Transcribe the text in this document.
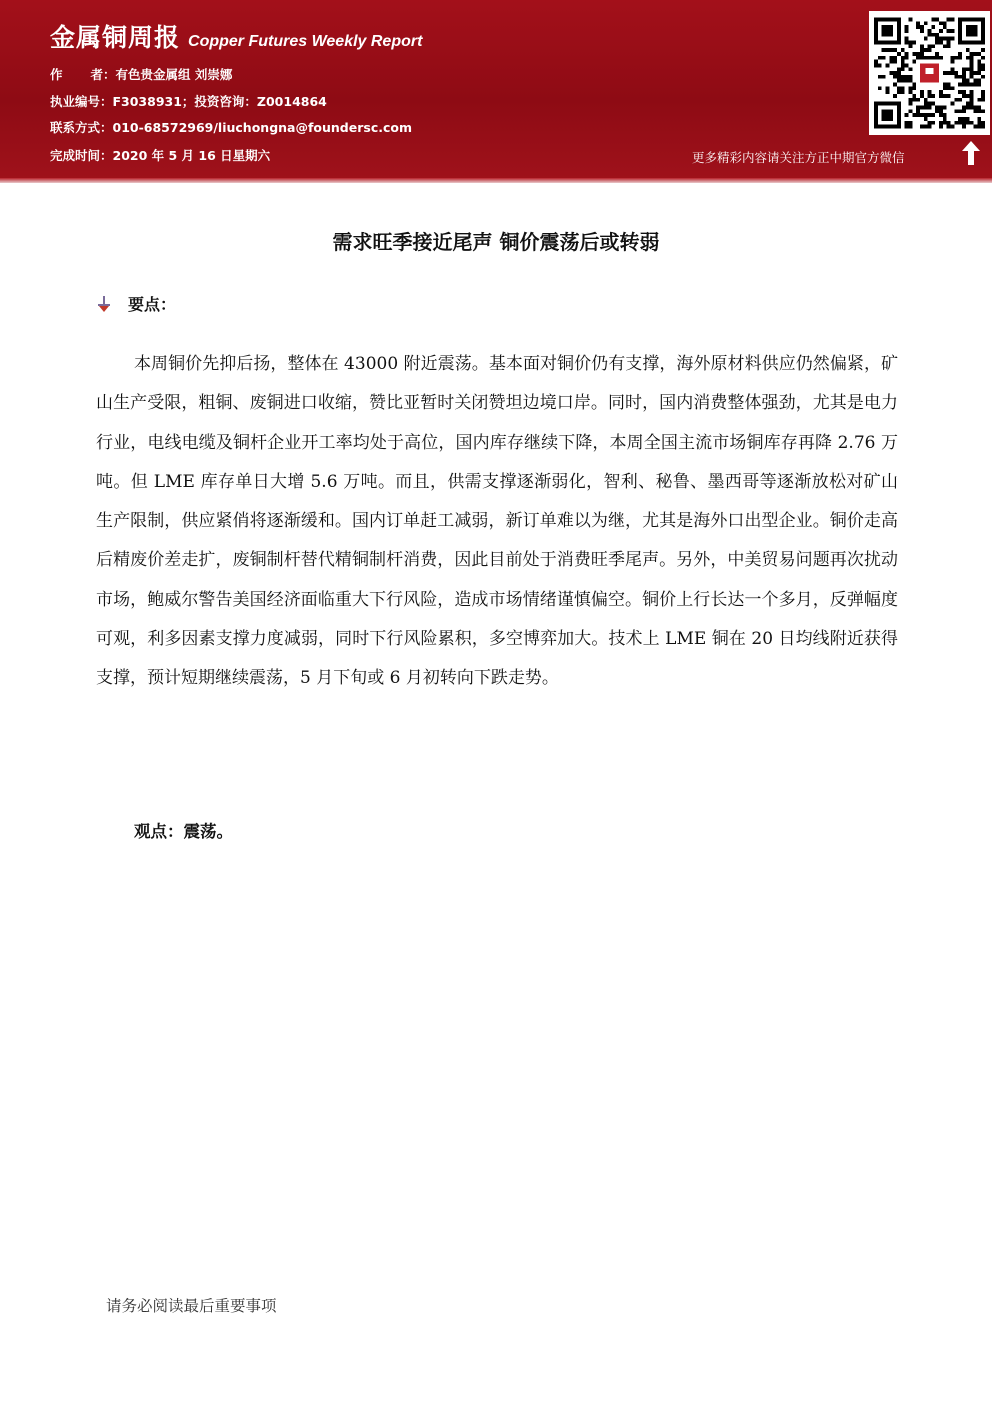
金属铜周报 Copper Futures Weekly Report
作 者：有色贵金属组 刘崇娜
执业编号：F3038931；投资咨询：Z0014864
联系方式：010-68572969/liuchongna@foundersc.com
完成时间：2020 年 5 月 16 日星期六	更多精彩内容请关注方正中期官方微信
需求旺季接近尾声 铜价震荡后或转弱
要点：

本周铜价先抑后扬，整体在 43000 附近震荡。基本面对铜价仍有支撑，海外原材料供应仍然偏紧，矿山生产受限，粗铜、废铜进口收缩，赞比亚暂时关闭赞坦边境口岸。同时，国内消费整体强劲，尤其是电力行业，电线电缆及铜杆企业开工率均处于高位，国内库存继续下降，本周全国主流市场铜库存再降 2.76 万吨。但 LME 库存单日大增 5.6 万吨。而且，供需支撑逐渐弱化，智利、秘鲁、墨西哥等逐渐放松对矿山生产限制，供应紧俏将逐渐缓和。国内订单赶工减弱，新订单难以为继，尤其是海外口出型企业。铜价走高后精废价差走扩，废铜制杆替代精铜制杆消费，因此目前处于消费旺季尾声。另外，中美贸易问题再次扰动市场，鲍威尔警告美国经济面临重大下行风险，造成市场情绪谨慎偏空。铜价上行长达一个多月，反弹幅度可观，利多因素支撑力度减弱，同时下行风险累积，多空博弈加大。技术上 LME 铜在 20 日均线附近获得支撑，预计短期继续震荡，5 月下旬或 6 月初转向下跌走势。

观点：震荡。
请务必阅读最后重要事项
